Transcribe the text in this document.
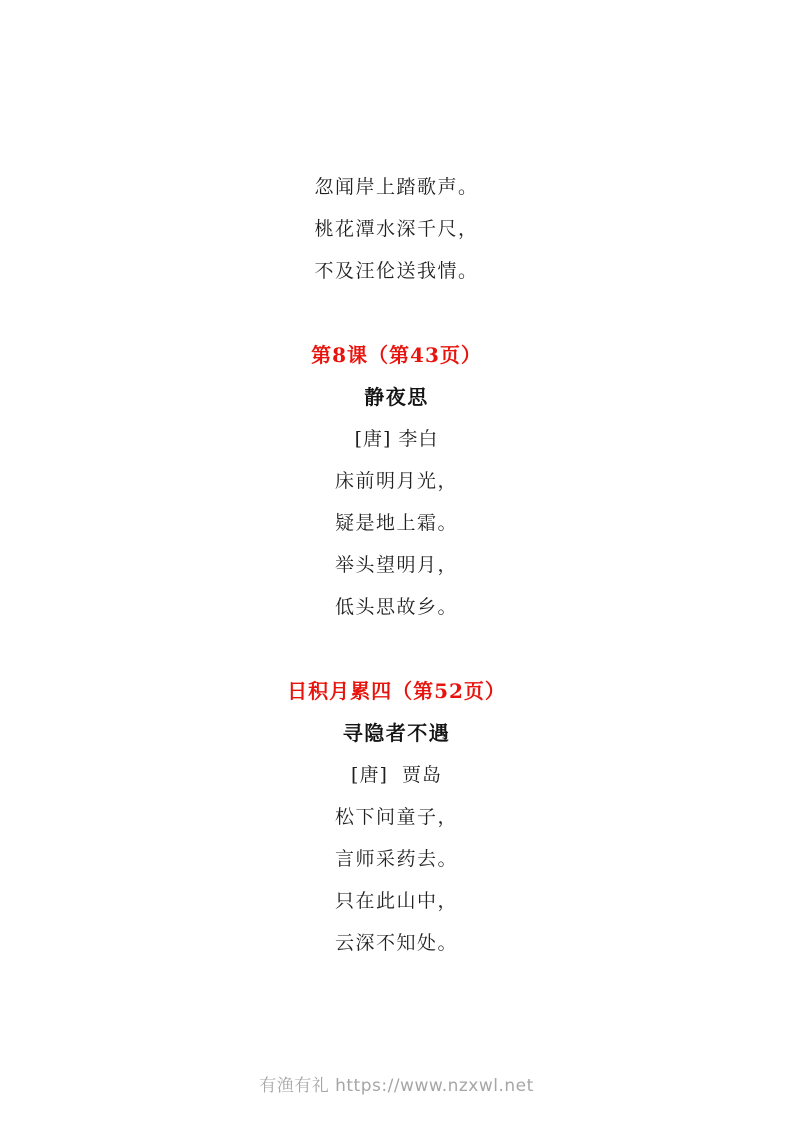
忽闻岸上踏歌声。
桃花潭水深千尺，
不及汪伦送我情。
第8课（第43页）
静夜思
[唐] 李白
床前明月光，
疑是地上霜。
举头望明月，
低头思故乡。
日积月累四（第52页）
寻隐者不遇
[唐]  贾岛
松下问童子，
言师采药去。
只在此山中，
云深不知处。
有渔有礼 https://www.nzxwl.net
